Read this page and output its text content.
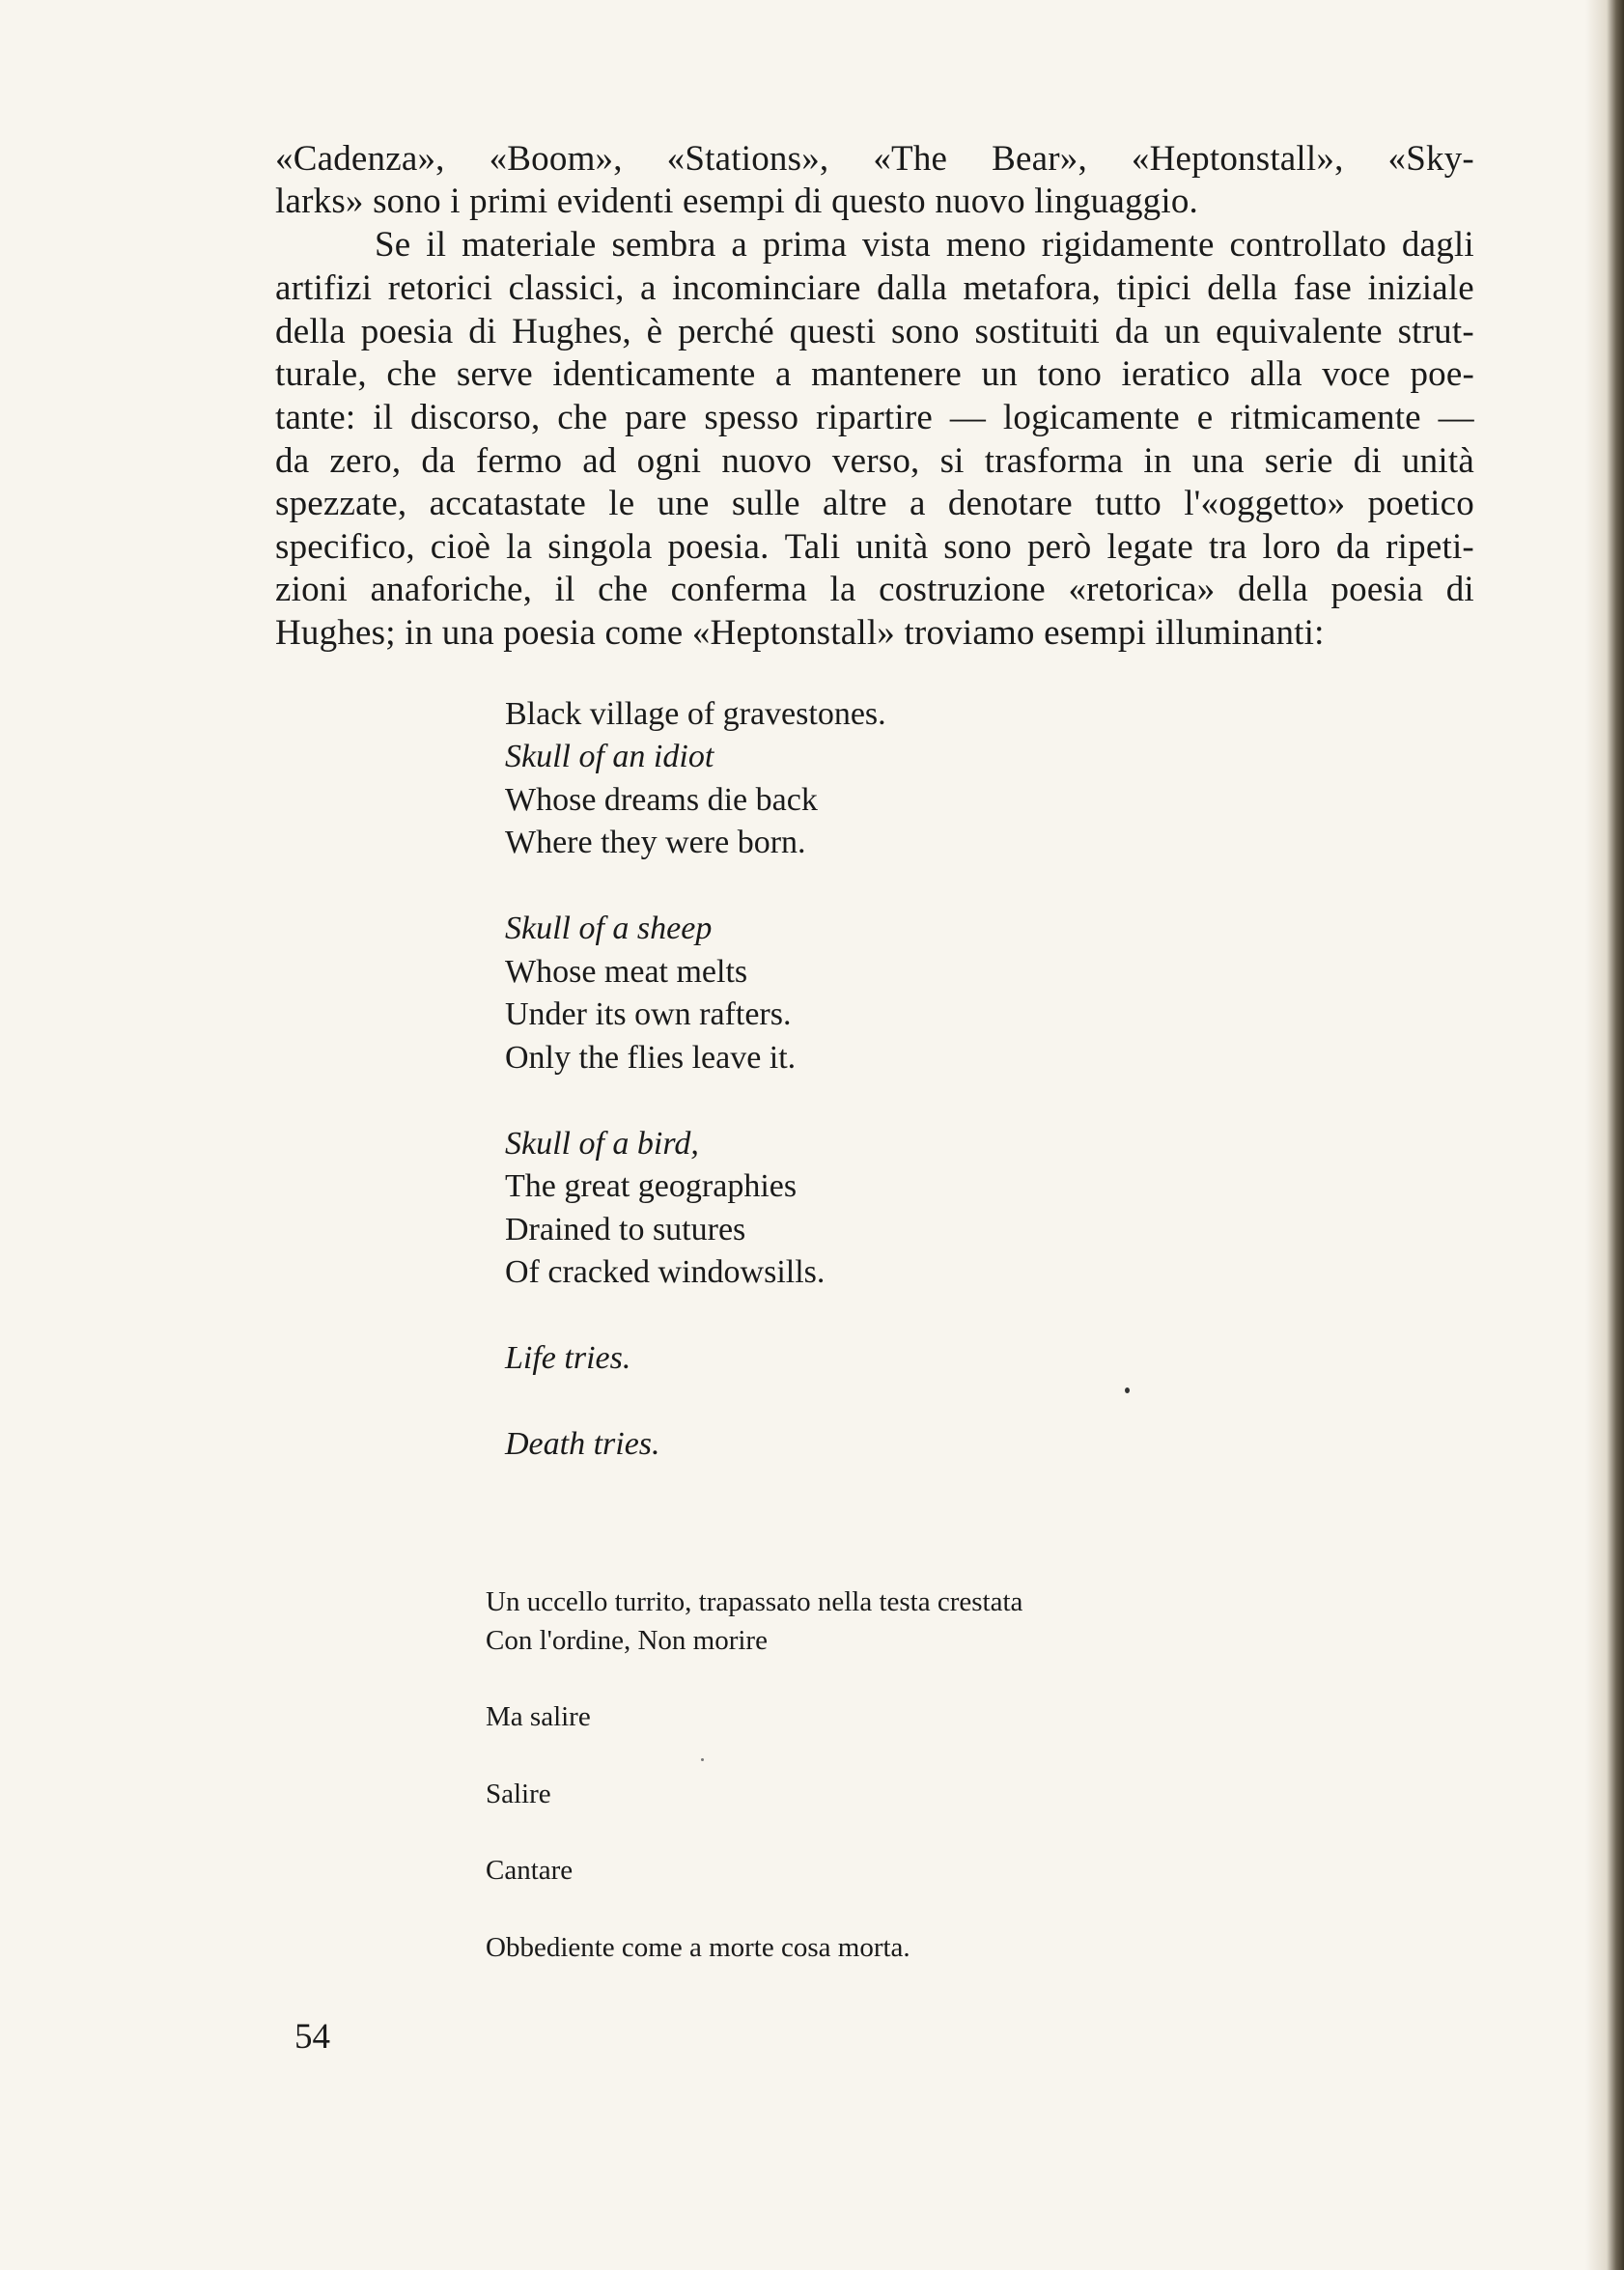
«Cadenza», «Boom», «Stations», «The Bear», «Heptonstall», «Sky-
larks» sono i primi evidenti esempi di questo nuovo linguaggio.
Se il materiale sembra a prima vista meno rigidamente controllato dagli
artifizi retorici classici, a incominciare dalla metafora, tipici della fase iniziale
della poesia di Hughes, è perché questi sono sostituiti da un equivalente strut-
turale, che serve identicamente a mantenere un tono ieratico alla voce poe-
tante: il discorso, che pare spesso ripartire — logicamente e ritmicamente —
da zero, da fermo ad ogni nuovo verso, si trasforma in una serie di unità
spezzate, accatastate le une sulle altre a denotare tutto l'«oggetto» poetico
specifico, cioè la singola poesia. Tali unità sono però legate tra loro da ripeti-
zioni anaforiche, il che conferma la costruzione «retorica» della poesia di
Hughes; in una poesia come «Heptonstall» troviamo esempi illuminanti:
Black village of gravestones.
Skull of an idiot
Whose dreams die back
Where they were born.
Skull of a sheep
Whose meat melts
Under its own rafters.
Only the flies leave it.
Skull of a bird,
The great geographies
Drained to sutures
Of cracked windowsills.
Life tries.
Death tries.
Un uccello turrito, trapassato nella testa crestata
Con l'ordine, Non morire
Ma salire
Salire
Cantare
Obbediente come a morte cosa morta.
54
